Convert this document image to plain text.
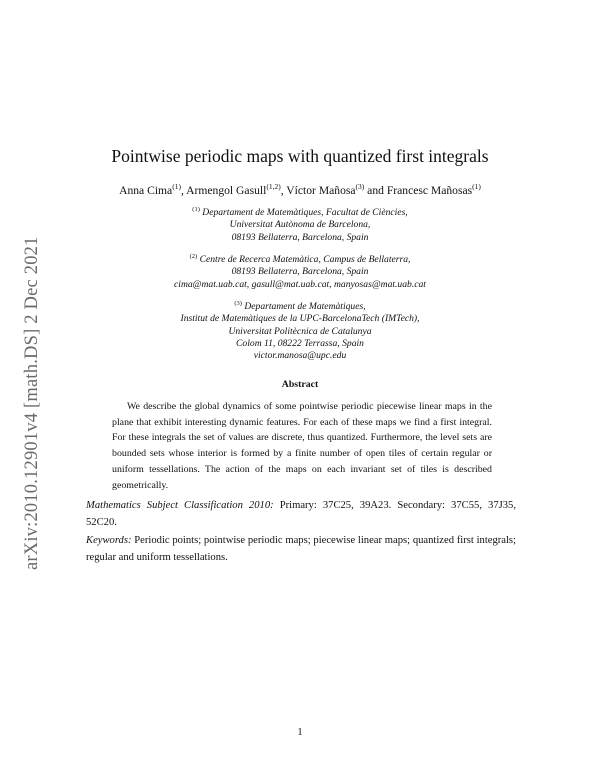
arXiv:2010.12901v4 [math.DS] 2 Dec 2021
Pointwise periodic maps with quantized first integrals
Anna Cima$^{(1)}$, Armengol Gasull$^{(1,2)}$, Víctor Mañosa$^{(3)}$ and Francesc Mañosas$^{(1)}$
$^{(1)}$ Departament de Matemàtiques, Facultat de Ciències,
Universitat Autònoma de Barcelona,
08193 Bellaterra, Barcelona, Spain
$^{(2)}$ Centre de Recerca Matemàtica, Campus de Bellaterra,
08193 Bellaterra, Barcelona, Spain
cima@mat.uab.cat, gasull@mat.uab.cat, manyosas@mat.uab.cat
$^{(3)}$ Departament de Matemàtiques,
Institut de Matemàtiques de la UPC-BarcelonaTech (IMTech),
Universitat Politècnica de Catalunya
Colom 11, 08222 Terrassa, Spain
victor.manosa@upc.edu
Abstract
We describe the global dynamics of some pointwise periodic piecewise linear maps in the plane that exhibit interesting dynamic features. For each of these maps we find a first integral. For these integrals the set of values are discrete, thus quantized. Furthermore, the level sets are bounded sets whose interior is formed by a finite number of open tiles of certain regular or uniform tessellations. The action of the maps on each invariant set of tiles is described geometrically.
Mathematics Subject Classification 2010: Primary: 37C25, 39A23. Secondary: 37C55, 37J35, 52C20.
Keywords: Periodic points; pointwise periodic maps; piecewise linear maps; quantized first integrals; regular and uniform tessellations.
1
